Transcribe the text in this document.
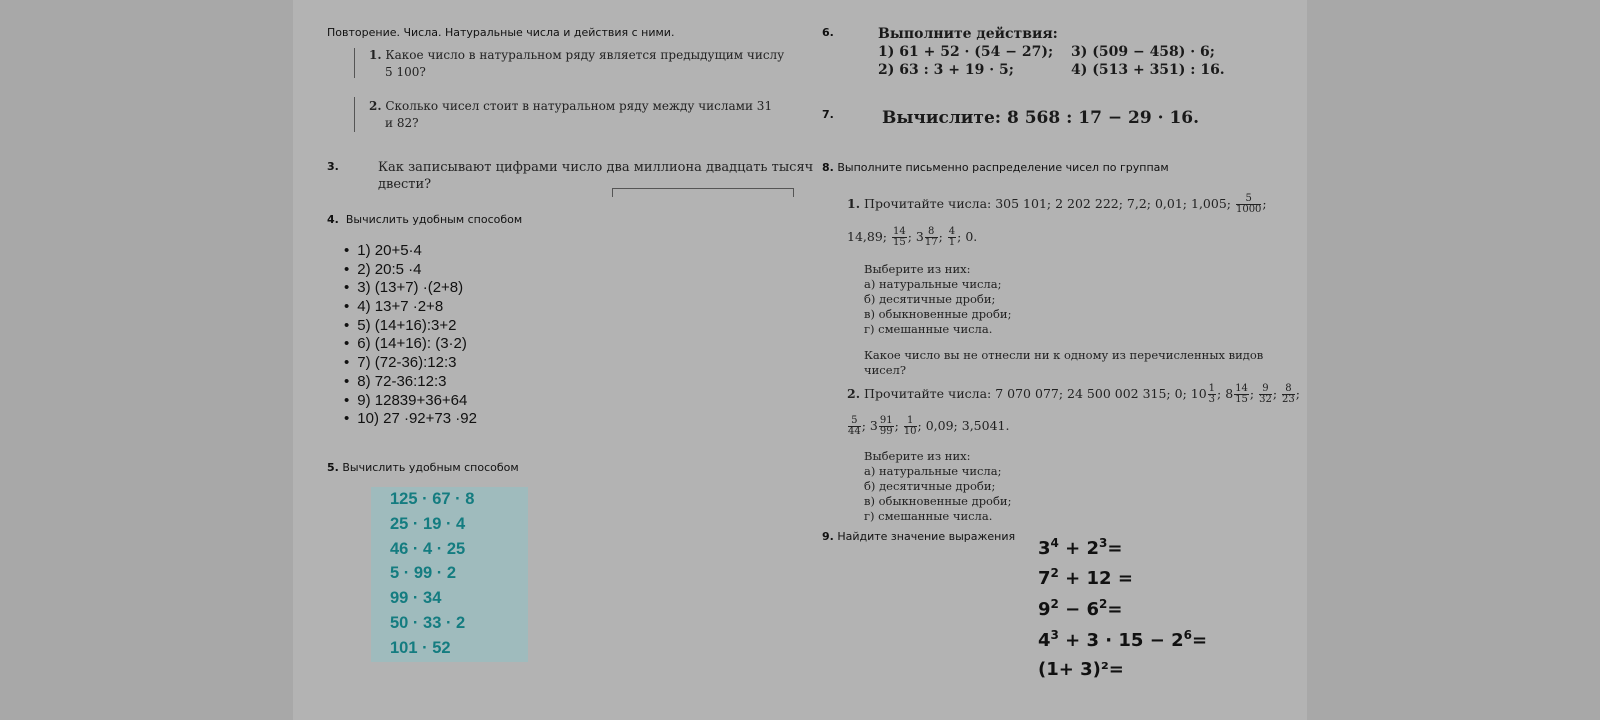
Повторение. Числа. Натуральные числа и действия с ними.
1. Какое число в натуральном ряду является предыдущим числу
5 100?
2. Сколько чисел стоит в натуральном ряду между числами 31
и 82?
3.	Как записывают цифрами число два миллиона двадцать тысяч
двести?
4. Вычислить удобным способом
• 1) 20+5·4
• 2) 20:5 ·4
• 3) (13+7) ·(2+8)
• 4) 13+7 ·2+8
• 5) (14+16):3+2
• 6) (14+16): (3·2)
• 7) (72-36):12:3
• 8) 72-36:12:3
• 9) 12839+36+64
• 10) 27 ·92+73 ·92
5. Вычислить удобным способом
125 · 67 · 8
25 · 19 · 4
46 · 4 · 25
5 · 99 · 2
99 · 34
50 · 33 · 2
101 · 52
6.	Выполните действия:
1) 61 + 52 · (54 − 27); 3) (509 − 458) · 6;
2) 63 : 3 + 19 · 5;	4) (513 + 351) : 16.
7.	Вычислите: 8 568 : 17 − 29 · 16.
8. Выполните письменно распределение чисел по группам
1. Прочитайте числа: 305 101; 2 202 222; 7,2; 0,01; 1,005; $\frac{5}{1000}$ ;
14,89; $\frac{14}{15}$ ; $3 \frac{8}{17}$ ; $\frac{4}{1}$ ; 0.
Выберите из них:
а) натуральные числа;
б) десятичные дроби;
в) обыкновенные дроби;
г) смешанные числа.
Какое число вы не отнесли ни к одному из перечисленных видов
чисел?
2. Прочитайте числа: 7 070 077; 24 500 002 315; 0; $10 \frac{1}{3}$ ; $8 \frac{14}{15}$ ; $\frac{9}{32}$ ; $\frac{8}{23}$ ;
$\frac{5}{44}$ ; $3 \frac{91}{99}$ ; $\frac{1}{10}$ ; 0,09; 3,5041.
Выберите из них:
а) натуральные числа;
б) десятичные дроби;
в) обыкновенные дроби;
г) смешанные числа.
9. Найдите значение выражения
$3^4 + 2^3=$
$7^2 + 12$ =
$9^2 - 6^2=$
$4^3 + 3 \cdot 15 - 2^6=$
(1+ 3)²=
